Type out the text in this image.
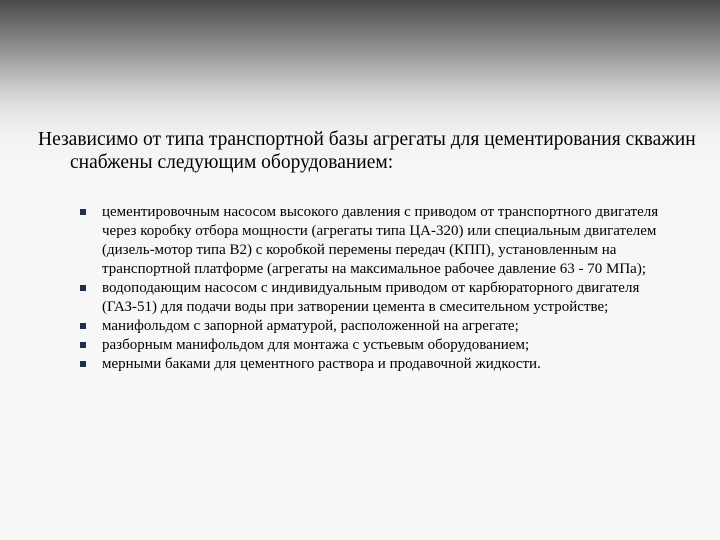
Независимо от типа транспортной базы агрегаты для цементирования скважин снабжены следующим оборудованием:

цементировочным насосом высокого давления с приводом от транспортного двигателя через коробку отбора мощности (агрегаты типа ЦА-320) или специальным двигателем (дизель-мотор типа В2) с коробкой перемены передач (КПП), установленным на транспортной платформе (агрегаты на максимальное рабочее давление 63 - 70 МПа);
водоподающим насосом с индивидуальным приводом от карбюраторного двигателя (ГАЗ-51) для подачи воды при затворении цемента в смесительном устройстве;
манифольдом с запорной арматурой, расположенной на агрегате;
разборным манифольдом для монтажа с устьевым оборудованием;
мерными баками для цементного раствора и продавочной жидкости.
